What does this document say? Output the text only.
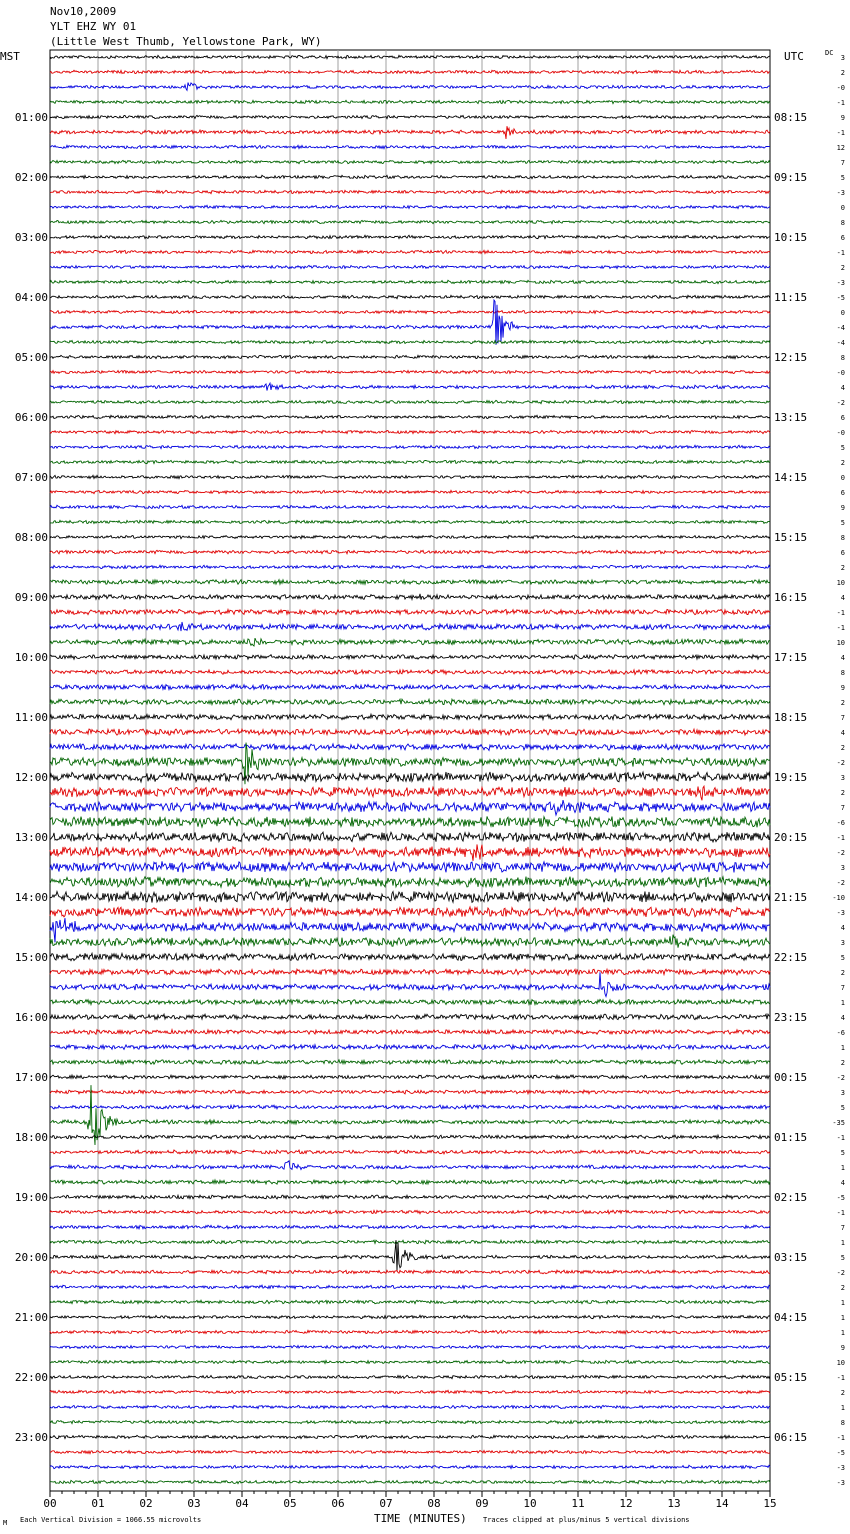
Nov10,2009
YLT EHZ WY 01
(Little West Thumb, Yellowstone Park, WY)
MST	UTC	DC
00	01	02	03	04	05	06	07	08	09	10	11	12	13	14	15
01:00
02:00
03:00
04:00
05:00
06:00
07:00
08:00
09:00
10:00
11:00
12:00
13:00
14:00
15:00
16:00
17:00
18:00
19:00
20:00
21:00
22:00
23:00
08:15
09:15
10:15
11:15
12:15
13:15
14:15
15:15
16:15
17:15
18:15
19:15
20:15
21:15
22:15
23:15
00:15
01:15
02:15
03:15
04:15
05:15
06:15
3
2
-0
-1
9
-1
12
7
5
-3
0
8
6
-1
2
-3
-5
0
-4
-4
8
-0
4
-2
6
-0
5
2
0
6
9
5
8
6
2
10
4
-1
-1
10
4
8
9
2
7
4
2
-2
3
2
7
-6
-1
-2
3
-2
-10
-3
4
3
5
2
7
1
4
-6
1
2
-2
3
5
-35
-1
5
1
4
-5
-1
7
1
5
-2
2
1
1
1
9
10
-1
2
1
8
-1
-5
-3
-3
M Each Vertical Division = 1066.55 microvolts	TIME (MINUTES) Traces clipped at plus/minus 5 vertical divisions
